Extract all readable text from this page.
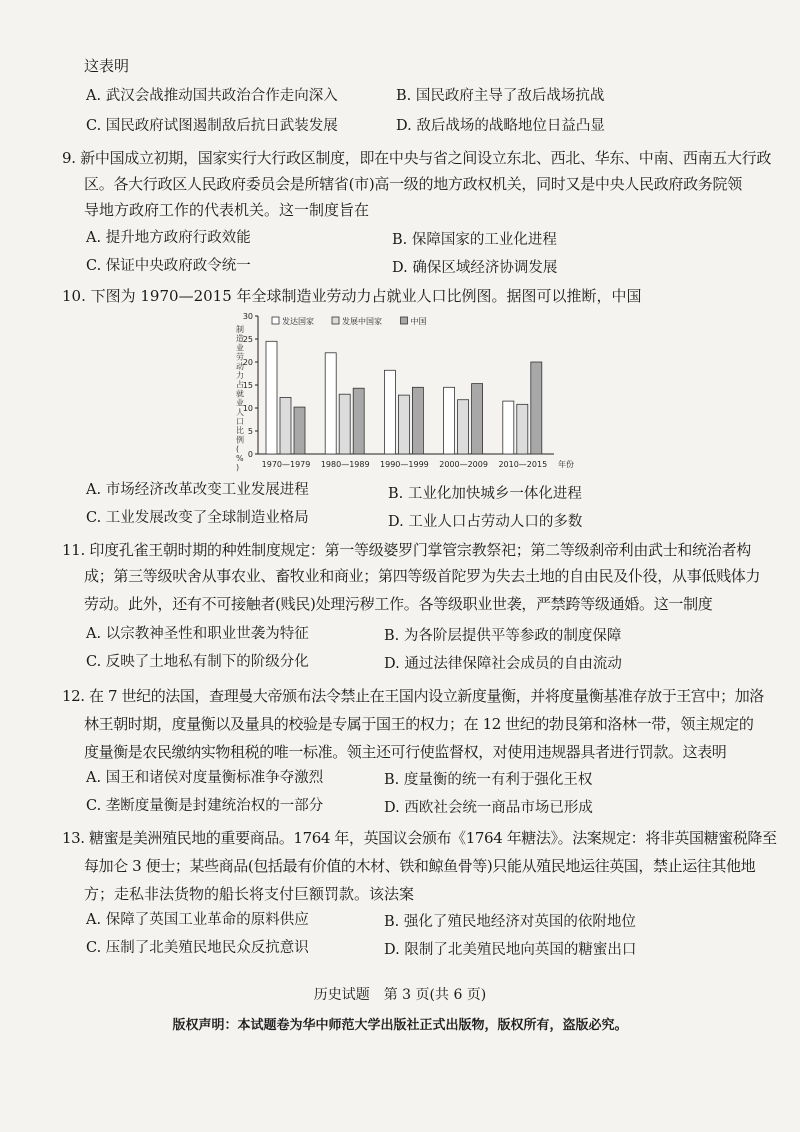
这表明
A. 武汉会战推动国共政治合作走向深入	B. 国民政府主导了敌后战场抗战
C. 国民政府试图遏制敌后抗日武装发展	D. 敌后战场的战略地位日益凸显
9. 新中国成立初期，国家实行大行政区制度，即在中央与省之间设立东北、西北、华东、中南、西南五大行政
区。各大行政区人民政府委员会是所辖省(市)高一级的地方政权机关，同时又是中央人民政府政务院领
导地方政府工作的代表机关。这一制度旨在
A. 提升地方政府行政效能	B. 保障国家的工业化进程
C. 保证中央政府政令统一	D. 确保区域经济协调发展
10. 下图为 1970—2015 年全球制造业劳动力占就业人口比例图。据图可以推断，中国
发达国家	发展中国家	中国
0
5
10
15
20
25
30
制造业劳动力占就业人口比例( % )	1970—1979 1980—1989 1990—1999 2000—2009 2010—2015 年份
A. 市场经济改革改变工业发展进程	B. 工业化加快城乡一体化进程
C. 工业发展改变了全球制造业格局	D. 工业人口占劳动人口的多数
11. 印度孔雀王朝时期的种姓制度规定：第一等级婆罗门掌管宗教祭祀；第二等级刹帝利由武士和统治者构
成；第三等级吠舍从事农业、畜牧业和商业；第四等级首陀罗为失去土地的自由民及仆役，从事低贱体力
劳动。此外，还有不可接触者(贱民)处理污秽工作。各等级职业世袭，严禁跨等级通婚。这一制度
A. 以宗教神圣性和职业世袭为特征	B. 为各阶层提供平等参政的制度保障
C. 反映了土地私有制下的阶级分化	D. 通过法律保障社会成员的自由流动
12. 在 7 世纪的法国，查理曼大帝颁布法令禁止在王国内设立新度量衡，并将度量衡基准存放于王宫中；加洛
林王朝时期，度量衡以及量具的校验是专属于国王的权力；在 12 世纪的勃艮第和洛林一带，领主规定的
度量衡是农民缴纳实物租税的唯一标准。领主还可行使监督权，对使用违规器具者进行罚款。这表明
A. 国王和诸侯对度量衡标准争夺激烈	B. 度量衡的统一有利于强化王权
C. 垄断度量衡是封建统治权的一部分	D. 西欧社会统一商品市场已形成
13. 糖蜜是美洲殖民地的重要商品。1764 年，英国议会颁布《1764 年糖法》。法案规定：将非英国糖蜜税降至
每加仑 3 便士；某些商品(包括最有价值的木材、铁和鲸鱼骨等)只能从殖民地运往英国，禁止运往其他地
方；走私非法货物的船长将支付巨额罚款。该法案
A. 保障了英国工业革命的原料供应	B. 强化了殖民地经济对英国的依附地位
C. 压制了北美殖民地民众反抗意识	D. 限制了北美殖民地向英国的糖蜜出口
历史试题　第 3 页(共 6 页)
版权声明：本试题卷为华中师范大学出版社正式出版物，版权所有，盗版必究。
